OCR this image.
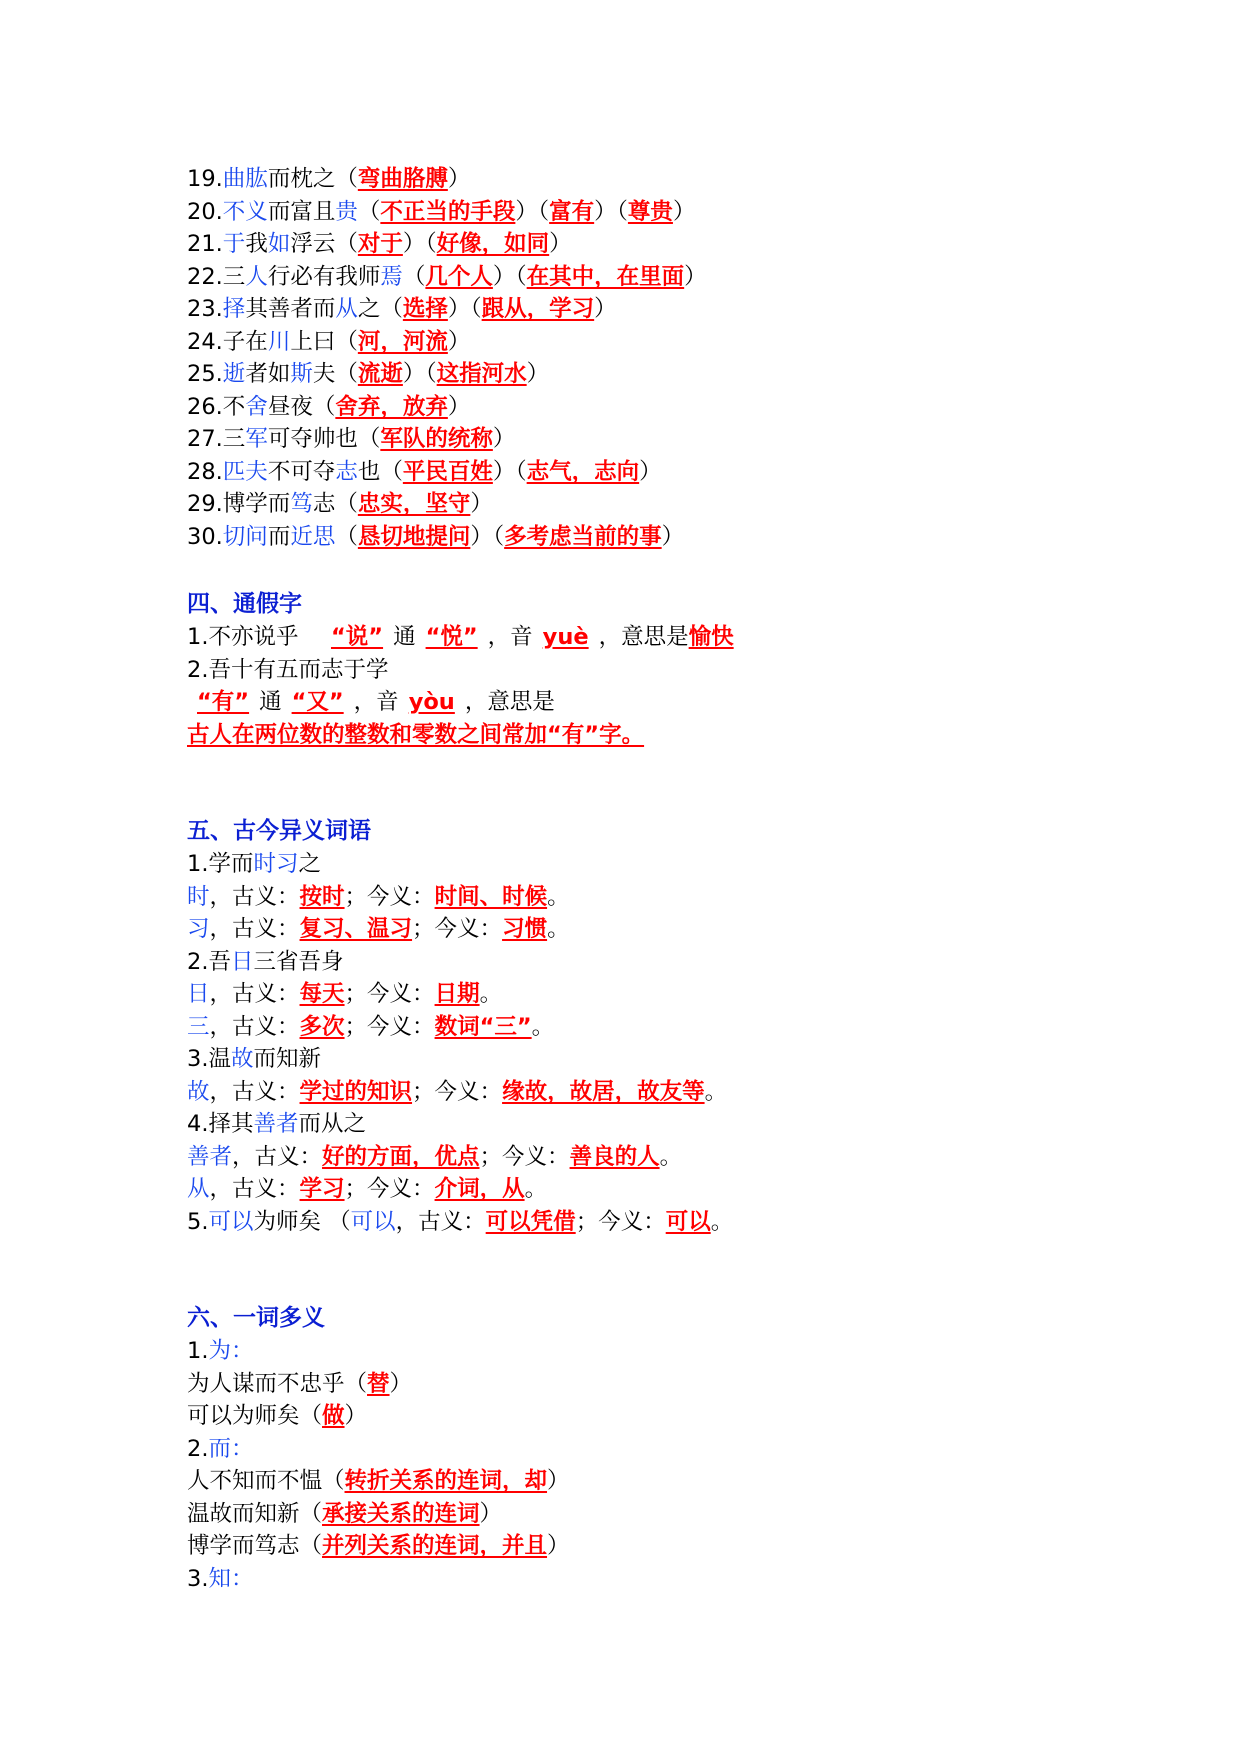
19.曲肱而枕之（弯曲胳膊）
20.不义而富且贵（不正当的手段）（富有）（尊贵）
21.于我如浮云（对于）（好像，如同）
22.三人行必有我师焉（几个人）（在其中，在里面）
23.择其善者而从之（选择）（跟从，学习）
24.子在川上曰（河，河流）
25.逝者如斯夫（流逝）（这指河水）
26.不舍昼夜（舍弃，放弃）
27.三军可夺帅也（军队的统称）
28.匹夫不可夺志也（平民百姓）（志气，志向）
29.博学而笃志（忠实，坚守）
30.切问而近思（恳切地提问）（多考虑当前的事）
四、通假字
1.不亦说乎　 “说” 通 “悦” ，音 yuè ，意思是愉快
2.吾十有五而志于学
“有” 通 “又” ，音 yòu ，意思是
古人在两位数的整数和零数之间常加“有”字。
五、古今异义词语
1.学而时习之
时，古义：按时；今义：时间、时候。
习，古义：复习、温习；今义：习惯。
2.吾日三省吾身
日，古义：每天；今义：日期。
三，古义：多次；今义：数词“三”。
3.温故而知新
故，古义：学过的知识；今义：缘故，故居，故友等。
4.择其善者而从之
善者，古义：好的方面，优点；今义：善良的人。
从，古义：学习；今义：介词，从。
5.可以为师矣 （可以，古义：可以凭借；今义：可以。
六、一词多义
1.为：
为人谋而不忠乎（替）
可以为师矣（做）
2.而：
人不知而不愠（转折关系的连词，却）
温故而知新（承接关系的连词）
博学而笃志（并列关系的连词，并且）
3.知：
